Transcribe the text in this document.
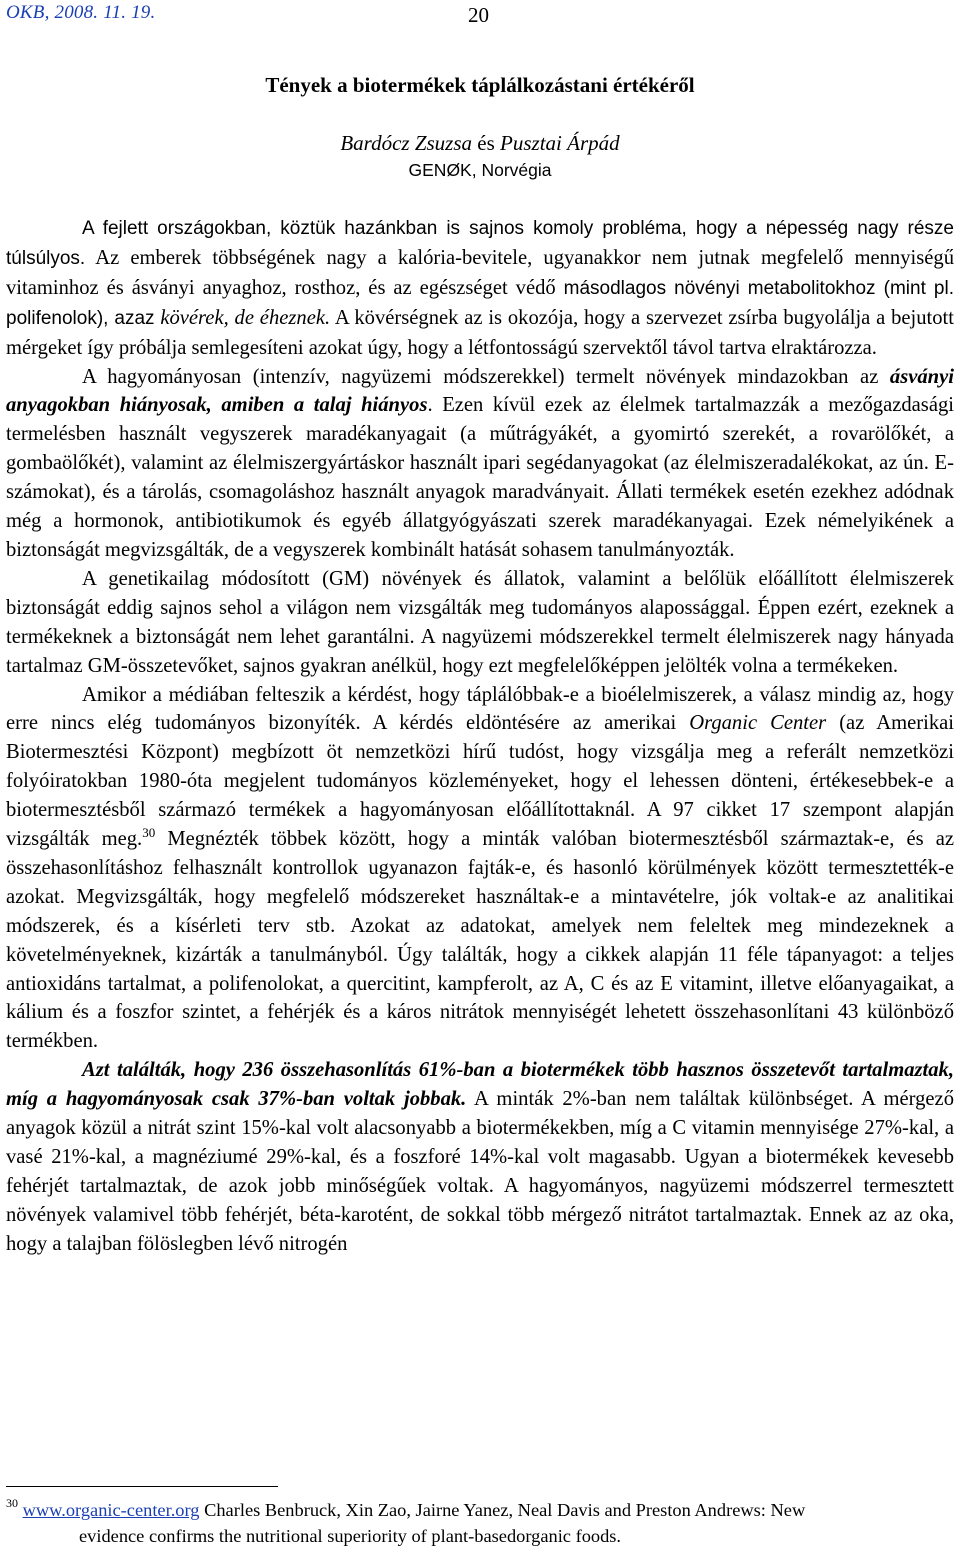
OKB, 2008. 11. 19.	20
Tények a biotermékek táplálkozástani értékéről
Bardócz Zsuzsa és Pusztai Árpád
GENØK, Norvégia

A fejlett országokban, köztük hazánkban is sajnos komoly probléma, hogy a népesség nagy része túlsúlyos. Az emberek többségének nagy a kalória-bevitele, ugyanakkor nem jutnak megfelelő mennyiségű vitaminhoz és ásványi anyaghoz, rosthoz, és az egészséget védő másodlagos növényi metabolitokhoz (mint pl. polifenolok), azaz kövérek, de éheznek. A kövérségnek az is okozója, hogy a szervezet zsírba bugyolálja a bejutott mérgeket így próbálja semlegesíteni azokat úgy, hogy a létfontosságú szervektől távol tartva elraktározza.

A hagyományosan (intenzív, nagyüzemi módszerekkel) termelt növények mindazokban az ásványi anyagokban hiányosak, amiben a talaj hiányos. Ezen kívül ezek az élelmek tartalmazzák a mezőgazdasági termelésben használt vegyszerek maradékanyagait (a műtrágyákét, a gyomirtó szerekét, a rovarölőkét, a gombaölőkét), valamint az élelmiszergyártáskor használt ipari segédanyagokat (az élelmiszeradalékokat, az ún. E-számokat), és a tárolás, csomagoláshoz használt anyagok maradványait. Állati termékek esetén ezekhez adódnak még a hormonok, antibiotikumok és egyéb állatgyógyászati szerek maradékanyagai. Ezek némelyikének a biztonságát megvizsgálták, de a vegyszerek kombinált hatását sohasem tanulmányozták.

A genetikailag módosított (GM) növények és állatok, valamint a belőlük előállított élelmiszerek biztonságát eddig sajnos sehol a világon nem vizsgálták meg tudományos alapossággal. Éppen ezért, ezeknek a termékeknek a biztonságát nem lehet garantálni. A nagyüzemi módszerekkel termelt élelmiszerek nagy hányada tartalmaz GM-összetevőket, sajnos gyakran anélkül, hogy ezt megfelelőképpen jelölték volna a termékeken.

Amikor a médiában felteszik a kérdést, hogy táplálóbbak-e a bioélelmiszerek, a válasz mindig az, hogy erre nincs elég tudományos bizonyíték. A kérdés eldöntésére az amerikai Organic Center (az Amerikai Biotermesztési Központ) megbízott öt nemzetközi hírű tudóst, hogy vizsgálja meg a referált nemzetközi folyóiratokban 1980-óta megjelent tudományos közleményeket, hogy el lehessen dönteni, értékesebbek-e a biotermesztésből származó termékek a hagyományosan előállítottaknál. A 97 cikket 17 szempont alapján vizsgálták meg.$^{30}$ Megnézték többek között, hogy a minták valóban biotermesztésből származtak-e, és az összehasonlításhoz felhasznált kontrollok ugyanazon fajták-e, és hasonló körülmények között termesztették-e azokat. Megvizsgálták, hogy megfelelő módszereket használtak-e a mintavételre, jók voltak-e az analitikai módszerek, és a kísérleti terv stb. Azokat az adatokat, amelyek nem feleltek meg mindezeknek a követelményeknek, kizárták a tanulmányból. Úgy találták, hogy a cikkek alapján 11 féle tápanyagot: a teljes antioxidáns tartalmat, a polifenolokat, a quercitint, kampferolt, az A, C és az E vitamint, illetve előanyagaikat, a kálium és a foszfor szintet, a fehérjék és a káros nitrátok mennyiségét lehetett összehasonlítani 43 különböző termékben.

Azt találták, hogy 236 összehasonlítás 61%-ban a biotermékek több hasznos összetevőt tartalmaztak, míg a hagyományosak csak 37%-ban voltak jobbak. A minták 2%-ban nem találtak különbséget. A mérgező anyagok közül a nitrát szint 15%-kal volt alacsonyabb a biotermékekben, míg a C vitamin mennyisége 27%-kal, a vasé 21%-kal, a magnéziumé 29%-kal, és a foszforé 14%-kal volt magasabb. Ugyan a biotermékek kevesebb fehérjét tartalmaztak, de azok jobb minőségűek voltak. A hagyományos, nagyüzemi módszerrel termesztett növények valamivel több fehérjét, béta-karotént, de sokkal több mérgező nitrátot tartalmaztak. Ennek az az oka, hogy a talajban fölöslegben lévő nitrogén

$^{30}$ www.organic-center.org Charles Benbruck, Xin Zao, Jairne Yanez, Neal Davis and Preston Andrews: New
evidence confirms the nutritional superiority of plant-basedorganic foods.
